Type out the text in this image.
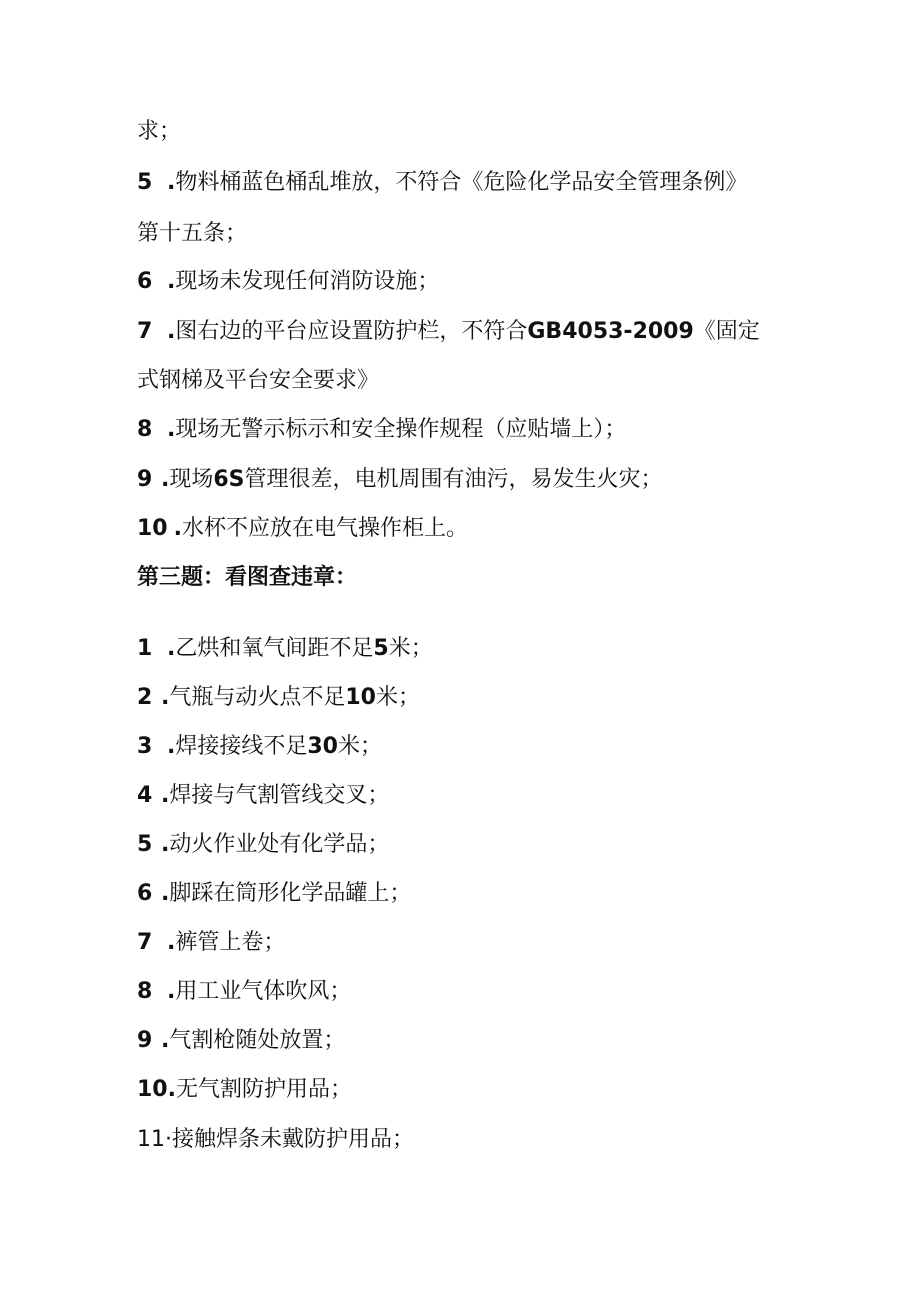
求；
5 .物料桶蓝色桶乱堆放，不符合《危险化学品安全管理条例》
第十五条；
6 .现场未发现任何消防设施；
7 .图右边的平台应设置防护栏，不符合GB4053-2009《固定
式钢梯及平台安全要求》
8 .现场无警示标示和安全操作规程（应贴墙上）；
9 .现场6S管理很差，电机周围有油污，易发生火灾；
10 .水杯不应放在电气操作柜上。
第三题：看图查违章：
1 .乙烘和氧气间距不足5米；
2 .气瓶与动火点不足10米；
3 .焊接接线不足30米；
4 .焊接与气割管线交叉；
5 .动火作业处有化学品；
6 .脚踩在筒形化学品罐上；
7 .裤管上卷；
8 .用工业气体吹风；
9 .气割枪随处放置；
10.无气割防护用品；
11·接触焊条未戴防护用品；
